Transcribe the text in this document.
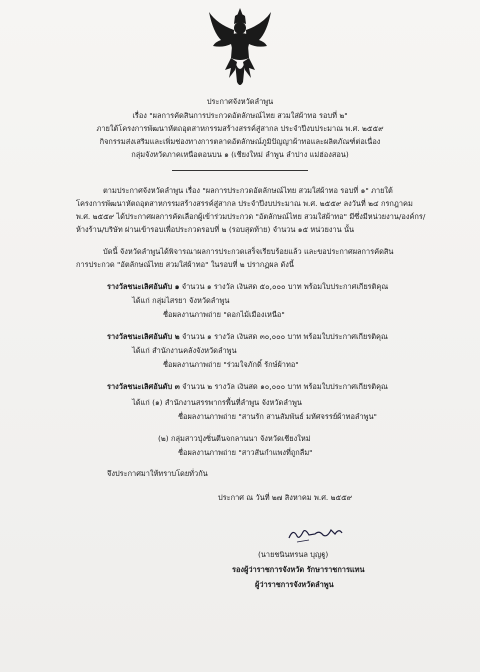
ประกาศจังหวัดลำพูน
เรื่อง "ผลการคัดสินการประกวดอัตลักษณ์ไทย สวมใส่ผ้าทอ รอบที่ ๒"
ภายใต้โครงการพัฒนาหัตถอุตสาหกรรมสร้างสรรค์สู่สากล ประจำปีงบประมาณ พ.ศ. ๒๕๕๙
กิจกรรมส่งเสริมและเพิ่มช่องทางการตลาดอัตลักษณ์ภูมิปัญญาผ้าทอและผลิตภัณฑ์ต่อเนื่อง
กลุ่มจังหวัดภาคเหนือตอนบน ๑ (เชียงใหม่ ลำพูน ลำปาง แม่ฮ่องสอน)
ตามประกาศจังหวัดลำพูน เรื่อง "ผลการประกวดอัตลักษณ์ไทย สวมใส่ผ้าทอ รอบที่ ๑" ภายใต้
โครงการพัฒนาหัตถอุตสาหกรรมสร้างสรรค์สู่สากล ประจำปีงบประมาณ พ.ศ. ๒๕๕๙ ลงวันที่ ๒๔ กรกฎาคม
พ.ศ. ๒๕๕๙ ได้ประกาศผลการคัดเลือกผู้เข้าร่วมประกวด "อัตลักษณ์ไทย สวมใส่ผ้าทอ" มีซึ่งมีหน่วยงาน/องค์กร/
ห้างร้าน/บริษัท ผ่านเข้ารอบเพื่อประกวดรอบที่ ๒ (รอบสุดท้าย) จำนวน ๑๕ หน่วยงาน นั้น
บัดนี้ จังหวัดลำพูนได้พิจารณาผลการประกวดเสร็จเรียบร้อยแล้ว และขอประกาศผลการคัดสิน
การประกวด "อัตลักษณ์ไทย สวมใส่ผ้าทอ" ในรอบที่ ๒ ปรากฏผล ดังนี้
รางวัลชนะเลิศอันดับ ๑ จำนวน ๑ รางวัล เงินสด ๕๐,๐๐๐ บาท พร้อมใบประกาศเกียรติคุณ
ได้แก่ กลุ่มไสรยา จังหวัดลำพูน
ชื่อผลงานภาพถ่าย "ดอกไม้เมืองเหนือ"
รางวัลชนะเลิศอันดับ ๒ จำนวน ๑ รางวัล เงินสด ๓๐,๐๐๐ บาท พร้อมใบประกาศเกียรติคุณ
ได้แก่ สำนักงานคลังจังหวัดลำพูน
ชื่อผลงานภาพถ่าย "ร่วมใจภักดิ์ รักษ์ผ้าทอ"
รางวัลชนะเลิศอันดับ ๓ จำนวน ๒ รางวัล เงินสด ๑๐,๐๐๐ บาท พร้อมใบประกาศเกียรติคุณ
ได้แก่ (๑) สำนักงานสรรพากรพื้นที่ลำพูน จังหวัดลำพูน
ชื่อผลงานภาพถ่าย "สานรัก สานสัมพันธ์ มหัศจรรย์ผ้าทอลำพูน"
(๒) กลุ่มสาวปุ่งซิ่นตีนจกลานนา จังหวัดเชียงใหม่
ชื่อผลงานภาพถ่าย "สาวสันกำแพงที่ถูกลืม"
จึงประกาศมาให้ทราบโดยทั่วกัน
ประกาศ ณ วันที่ ๒๗ สิงหาคม พ.ศ. ๒๕๕๙
(นายชนินทรนล บุญฐู)
รองผู้ว่าราชการจังหวัด รักษาราชการแทน
ผู้ว่าราชการจังหวัดลำพูน
